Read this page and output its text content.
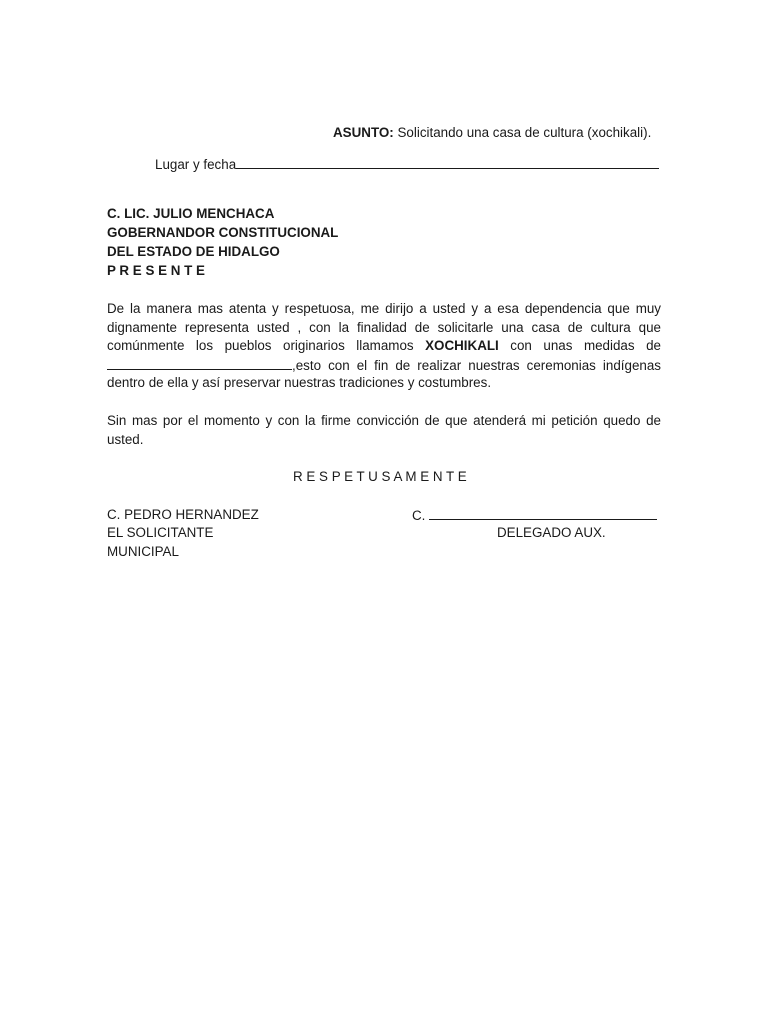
ASUNTO: Solicitando una casa de cultura (xochikali).
Lugar y fecha
C. LIC. JULIO MENCHACA
GOBERNANDOR CONSTITUCIONAL
DEL ESTADO DE HIDALGO
P R E S E N T E
De la manera mas atenta y respetuosa, me dirijo a usted y a esa dependencia que muy
dignamente representa usted , con la finalidad de solicitarle una casa de cultura que
comúnmente los pueblos originarios llamamos XOCHIKALI con unas medidas de
,esto con el fin de realizar nuestras ceremonias indígenas
dentro de ella y así preservar nuestras tradiciones y costumbres.
Sin mas por el momento y con la firme convicción de que atenderá mi petición quedo de
usted.
R E S P E T U S A M E N T E
C. PEDRO HERNANDEZ
EL SOLICITANTE
MUNICIPAL
C.
DELEGADO AUX.
